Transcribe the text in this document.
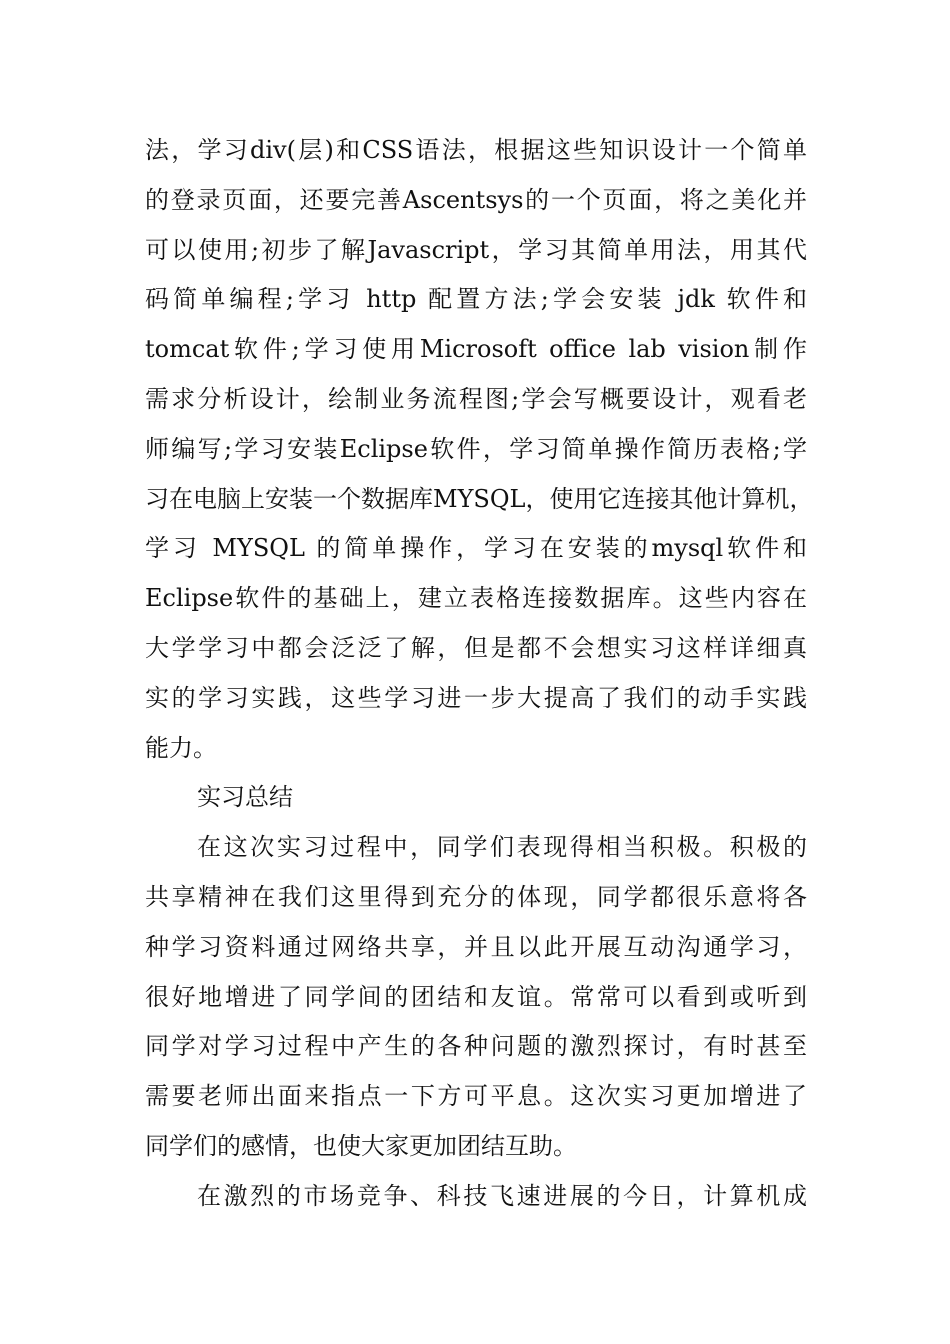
法，学习div(层)和CSS语法，根据这些知识设计一个简单
的登录页面，还要完善Ascentsys的一个页面，将之美化并
可以使用;初步了解Javascript，学习其简单用法，用其代
码简单编程;学习 http 配置方法;学会安装 jdk 软件和
tomcat软件;学习使用Microsoft office lab vision制作
需求分析设计，绘制业务流程图;学会写概要设计，观看老
师编写;学习安装Eclipse软件，学习简单操作简历表格;学
习在电脑上安装一个数据库MYSQL，使用它连接其他计算机，
学习 MYSQL 的简单操作，学习在安装的mysql软件和
Eclipse软件的基础上，建立表格连接数据库。这些内容在
大学学习中都会泛泛了解，但是都不会想实习这样详细真
实的学习实践，这些学习进一步大提高了我们的动手实践
能力。
实习总结
在这次实习过程中，同学们表现得相当积极。积极的
共享精神在我们这里得到充分的体现，同学都很乐意将各
种学习资料通过网络共享，并且以此开展互动沟通学习，
很好地增进了同学间的团结和友谊。常常可以看到或听到
同学对学习过程中产生的各种问题的激烈探讨，有时甚至
需要老师出面来指点一下方可平息。这次实习更加增进了
同学们的感情，也使大家更加团结互助。
在激烈的市场竞争、科技飞速进展的今日，计算机成
